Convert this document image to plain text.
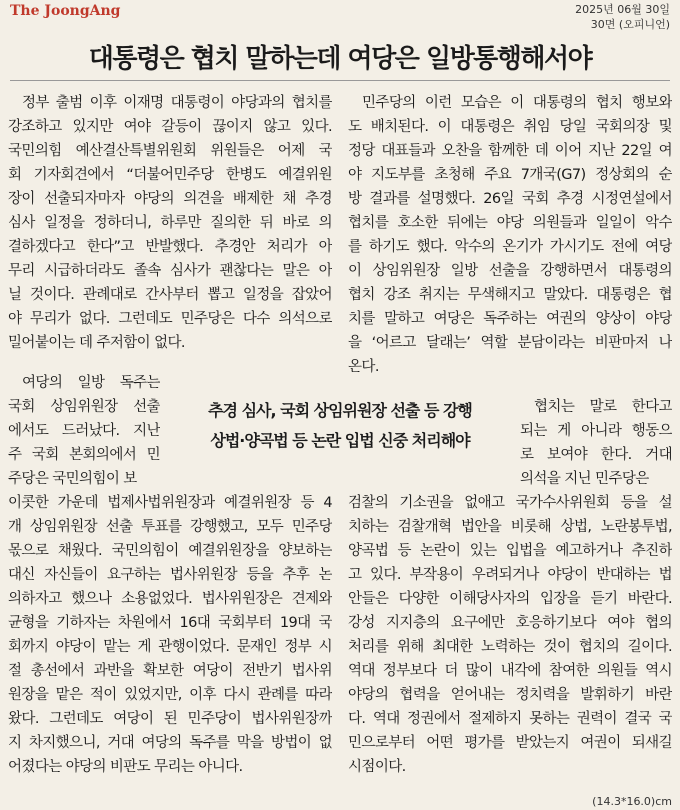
The JoongAng	2025년 06월 30일
30면 (오피니언)
대통령은 협치 말하는데 여당은 일방통행해서야
정부 출범 이후 이재명 대통령이 야당과의 협치를
강조하고 있지만 여야 갈등이 끊이지 않고 있다.
국민의힘 예산결산특별위원회 위원들은 어제 국
회 기자회견에서 “더불어민주당 한병도 예결위원
장이 선출되자마자 야당의 의견을 배제한 채 추경
심사 일정을 정하더니, 하루만 질의한 뒤 바로 의
결하겠다고 한다”고 반발했다. 추경안 처리가 아
무리 시급하더라도 졸속 심사가 괜찮다는 말은 아
닐 것이다. 관례대로 간사부터 뽑고 일정을 잡았어
야 무리가 없다. 그런데도 민주당은 다수 의석으로
밀어붙이는 데 주저함이 없다.
여당의 일방 독주는
국회 상임위원장 선출
에서도 드러났다. 지난
주 국회 본회의에서 민
주당은 국민의힘이 보
이콧한 가운데 법제사법위원장과 예결위원장 등 4
개 상임위원장 선출 투표를 강행했고, 모두 민주당
몫으로 채웠다. 국민의힘이 예결위원장을 양보하는
대신 자신들이 요구하는 법사위원장 등을 추후 논
의하자고 했으나 소용없었다. 법사위원장은 견제와
균형을 기하자는 차원에서 16대 국회부터 19대 국
회까지 야당이 맡는 게 관행이었다. 문재인 정부 시
절 총선에서 과반을 확보한 여당이 전반기 법사위
원장을 맡은 적이 있었지만, 이후 다시 관례를 따라
왔다. 그런데도 여당이 된 민주당이 법사위원장까
지 차지했으니, 거대 여당의 독주를 막을 방법이 없
어졌다는 야당의 비판도 무리는 아니다.
민주당의 이런 모습은 이 대통령의 협치 행보와
도 배치된다. 이 대통령은 취임 당일 국회의장 및
정당 대표들과 오찬을 함께한 데 이어 지난 22일 여
야 지도부를 초청해 주요 7개국(G7) 정상회의 순
방 결과를 설명했다. 26일 국회 추경 시정연설에서
협치를 호소한 뒤에는 야당 의원들과 일일이 악수
를 하기도 했다. 악수의 온기가 가시기도 전에 여당
이 상임위원장 일방 선출을 강행하면서 대통령의
협치 강조 취지는 무색해지고 말았다. 대통령은 협
치를 말하고 여당은 독주하는 여권의 양상이 야당
을 ‘어르고 달래는’ 역할 분담이라는 비판마저 나
온다.
협치는 말로 한다고
되는 게 아니라 행동으
로 보여야 한다. 거대
의석을 지닌 민주당은
검찰의 기소권을 없애고 국가수사위원회 등을 설
치하는 검찰개혁 법안을 비롯해 상법, 노란봉투법,
양곡법 등 논란이 있는 입법을 예고하거나 추진하
고 있다. 부작용이 우려되거나 야당이 반대하는 법
안들은 다양한 이해당사자의 입장을 듣기 바란다.
강성 지지층의 요구에만 호응하기보다 여야 협의
처리를 위해 최대한 노력하는 것이 협치의 길이다.
역대 정부보다 더 많이 내각에 참여한 의원들 역시
야당의 협력을 얻어내는 정치력을 발휘하기 바란
다. 역대 정권에서 절제하지 못하는 권력이 결국 국
민으로부터 어떤 평가를 받았는지 여권이 되새길
시점이다.
추경 심사, 국회 상임위원장 선출 등 강행
상법·양곡법 등 논란 입법 신중 처리해야
(14.3*16.0)cm
